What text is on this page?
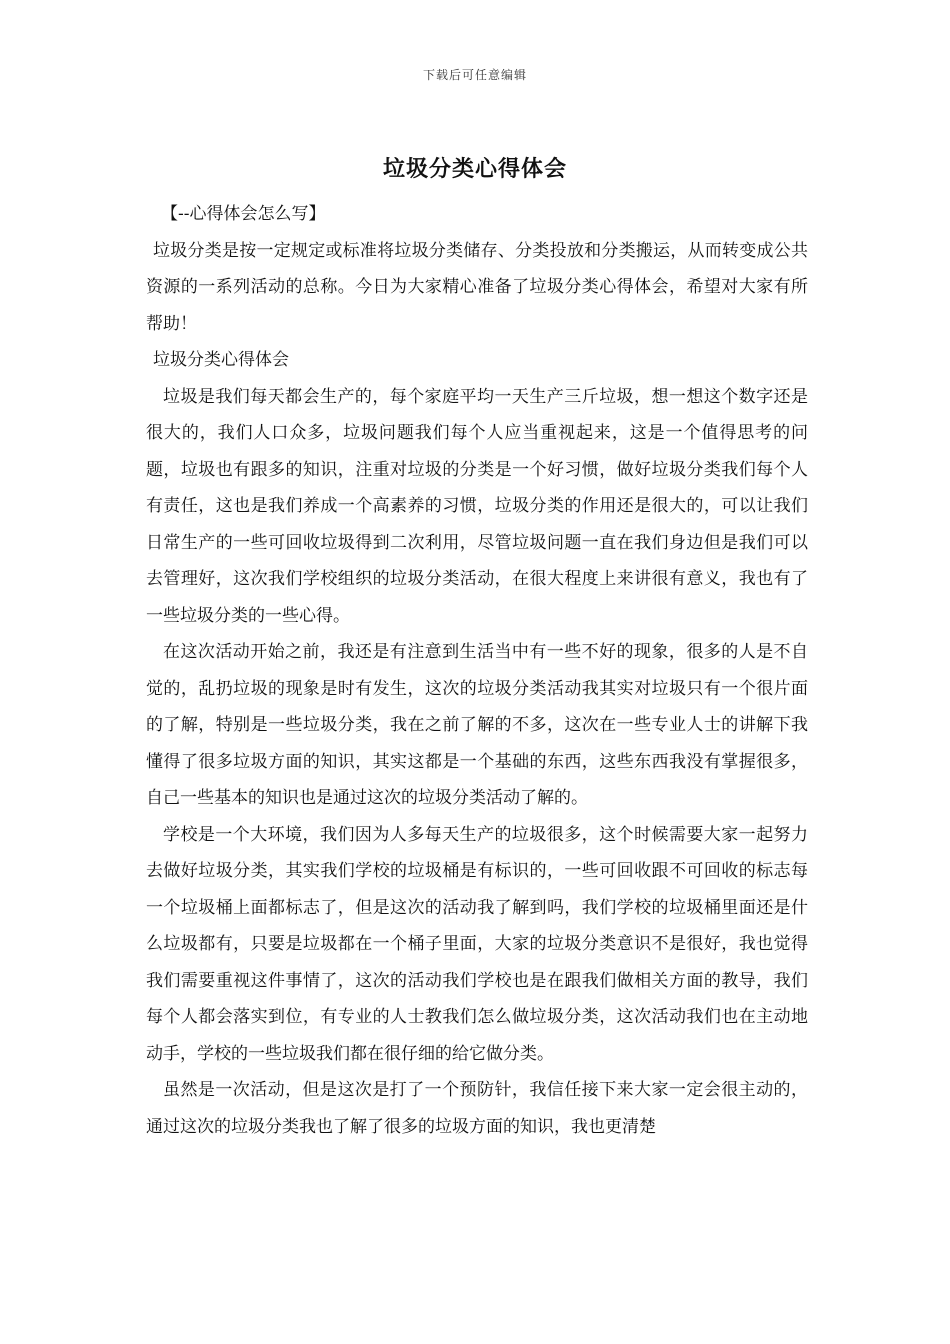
下载后可任意编辑
垃圾分类心得体会

【--心得体会怎么写】

垃圾分类是按一定规定或标准将垃圾分类储存、分类投放和分类搬运，从而转变成公共资源的一系列活动的总称。今日为大家精心准备了垃圾分类心得体会，希望对大家有所帮助！

垃圾分类心得体会

垃圾是我们每天都会生产的，每个家庭平均一天生产三斤垃圾，想一想这个数字还是很大的，我们人口众多，垃圾问题我们每个人应当重视起来，这是一个值得思考的问题，垃圾也有跟多的知识，注重对垃圾的分类是一个好习惯，做好垃圾分类我们每个人有责任，这也是我们养成一个高素养的习惯，垃圾分类的作用还是很大的，可以让我们日常生产的一些可回收垃圾得到二次利用，尽管垃圾问题一直在我们身边但是我们可以去管理好，这次我们学校组织的垃圾分类活动，在很大程度上来讲很有意义，我也有了一些垃圾分类的一些心得。

在这次活动开始之前，我还是有注意到生活当中有一些不好的现象，很多的人是不自觉的，乱扔垃圾的现象是时有发生，这次的垃圾分类活动我其实对垃圾只有一个很片面的了解，特别是一些垃圾分类，我在之前了解的不多，这次在一些专业人士的讲解下我懂得了很多垃圾方面的知识，其实这都是一个基础的东西，这些东西我没有掌握很多，自己一些基本的知识也是通过这次的垃圾分类活动了解的。

学校是一个大环境，我们因为人多每天生产的垃圾很多，这个时候需要大家一起努力去做好垃圾分类，其实我们学校的垃圾桶是有标识的，一些可回收跟不可回收的标志每一个垃圾桶上面都标志了，但是这次的活动我了解到吗，我们学校的垃圾桶里面还是什么垃圾都有，只要是垃圾都在一个桶子里面，大家的垃圾分类意识不是很好，我也觉得我们需要重视这件事情了，这次的活动我们学校也是在跟我们做相关方面的教导，我们每个人都会落实到位，有专业的人士教我们怎么做垃圾分类，这次活动我们也在主动地动手，学校的一些垃圾我们都在很仔细的给它做分类。

虽然是一次活动，但是这次是打了一个预防针，我信任接下来大家一定会很主动的，通过这次的垃圾分类我也了解了很多的垃圾方面的知识，我也更清楚
